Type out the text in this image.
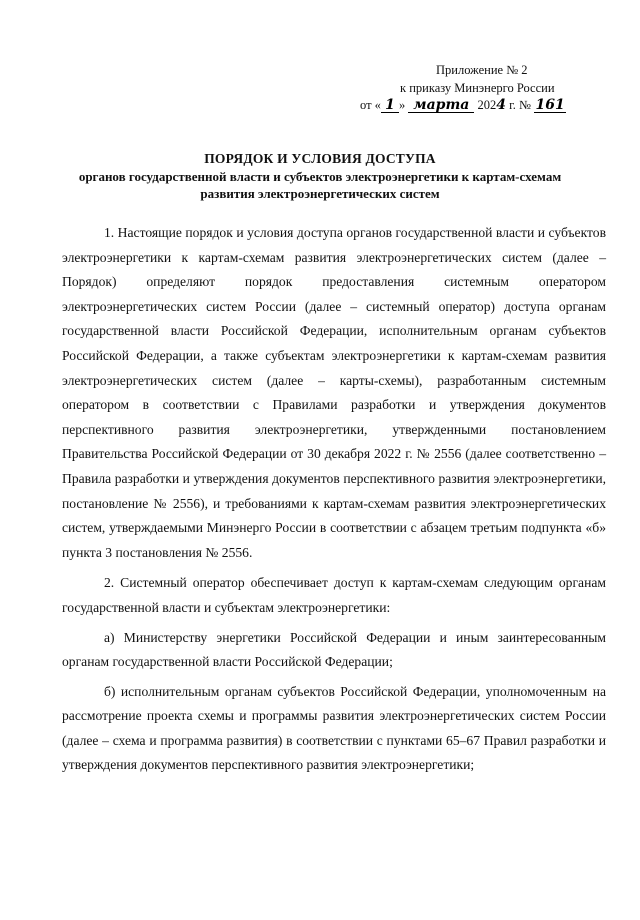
Приложение № 2
к приказу Минэнерго России
от « 1 » марта 2024 г. № 161
ПОРЯДОК И УСЛОВИЯ ДОСТУПА
органов государственной власти и субъектов электроэнергетики к картам-схемам развития электроэнергетических систем

1. Настоящие порядок и условия доступа органов государственной власти и субъектов электроэнергетики к картам-схемам развития электроэнергетических систем (далее – Порядок) определяют порядок предоставления системным оператором электроэнергетических систем России (далее – системный оператор) доступа органам государственной власти Российской Федерации, исполнительным органам субъектов Российской Федерации, а также субъектам электроэнергетики к картам-схемам развития электроэнергетических систем (далее – карты-схемы), разработанным системным оператором в соответствии с Правилами разработки и утверждения документов перспективного развития электроэнергетики, утвержденными постановлением Правительства Российской Федерации от 30 декабря 2022 г. № 2556 (далее соответственно – Правила разработки и утверждения документов перспективного развития электроэнергетики, постановление № 2556), и требованиями к картам-схемам развития электроэнергетических систем, утверждаемыми Минэнерго России в соответствии с абзацем третьим подпункта «б» пункта 3 постановления № 2556.

2. Системный оператор обеспечивает доступ к картам-схемам следующим органам государственной власти и субъектам электроэнергетики:

а) Министерству энергетики Российской Федерации и иным заинтересованным органам государственной власти Российской Федерации;

б) исполнительным органам субъектов Российской Федерации, уполномоченным на рассмотрение проекта схемы и программы развития электроэнергетических систем России (далее – схема и программа развития) в соответствии с пунктами 65–67 Правил разработки и утверждения документов перспективного развития электроэнергетики;
